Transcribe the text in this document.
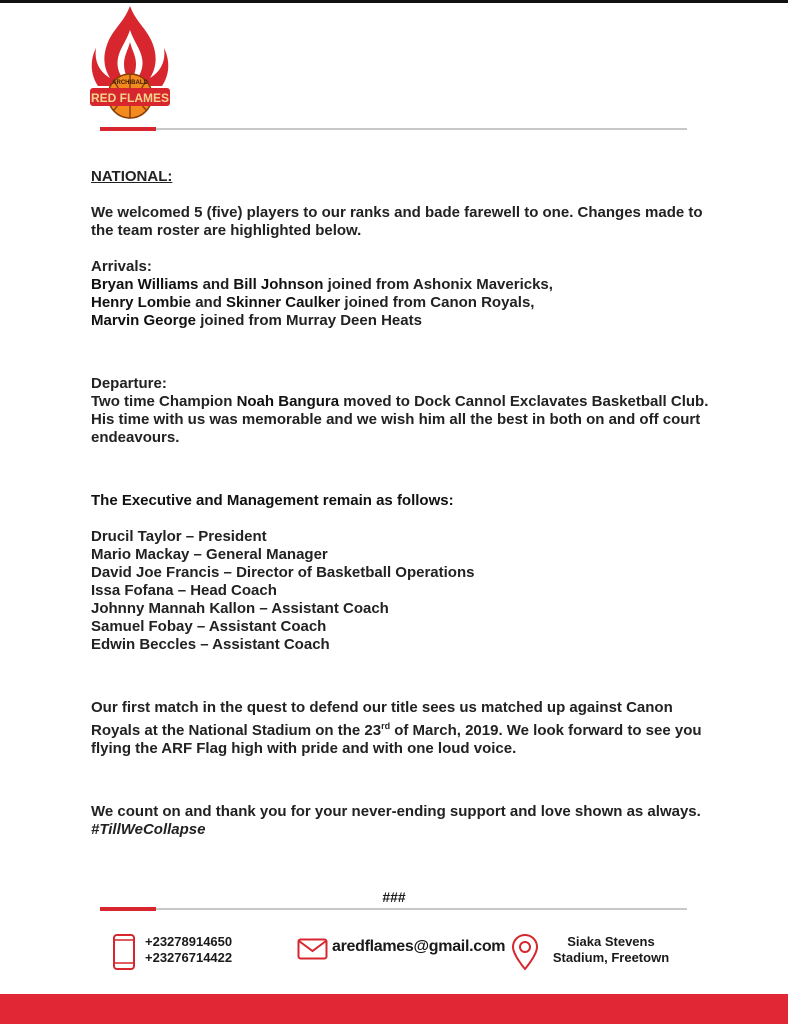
RED FLAMES
ARCHIBALD

NATIONAL:

We welcomed 5 (five) players to our ranks and bade farewell to one. Changes made to the team roster are highlighted below.

Arrivals:

Bryan Williams and Bill Johnson joined from Ashonix Mavericks,

Henry Lombie and Skinner Caulker joined from Canon Royals,

Marvin George joined from Murray Deen Heats

Departure:

Two time Champion Noah Bangura moved to Dock Cannol Exclavates Basketball Club. His time with us was memorable and we wish him all the best in both on and off court endeavours.

The Executive and Management remain as follows:

Drucil Taylor – President

Mario Mackay – General Manager

David Joe Francis – Director of Basketball Operations

Issa Fofana – Head Coach

Johnny Mannah Kallon – Assistant Coach

Samuel Fobay – Assistant Coach

Edwin Beccles – Assistant Coach

Our first match in the quest to defend our title sees us matched up against Canon Royals at the National Stadium on the 23rd of March, 2019. We look forward to see you flying the ARF Flag high with pride and with one loud voice.

We count on and thank you for your never-ending support and love shown as always. #TillWeCollapse

###
+23278914650
+23276714422
aredflames@gmail.com	Siaka Stevens
Stadium, Freetown
